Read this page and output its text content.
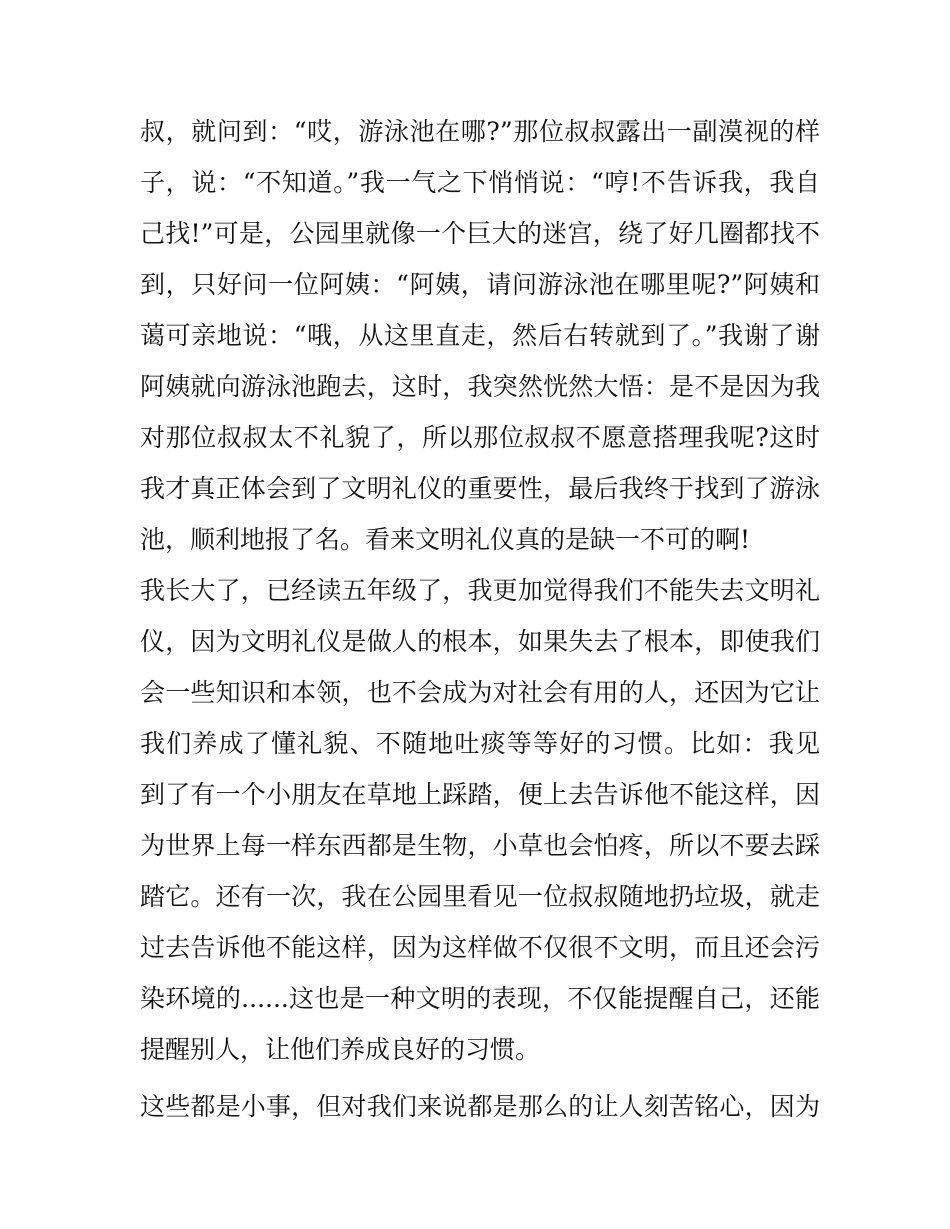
叔，就问到：“哎，游泳池在哪?”那位叔叔露出一副漠视的样
子，说：“不知道。”我一气之下悄悄说：“哼!不告诉我，我自
己找!”可是，公园里就像一个巨大的迷宫，绕了好几圈都找不
到，只好问一位阿姨：“阿姨，请问游泳池在哪里呢?”阿姨和
蔼可亲地说：“哦，从这里直走，然后右转就到了。”我谢了谢
阿姨就向游泳池跑去，这时，我突然恍然大悟：是不是因为我
对那位叔叔太不礼貌了，所以那位叔叔不愿意搭理我呢?这时
我才真正体会到了文明礼仪的重要性，最后我终于找到了游泳
池，顺利地报了名。看来文明礼仪真的是缺一不可的啊!
我长大了，已经读五年级了，我更加觉得我们不能失去文明礼
仪，因为文明礼仪是做人的根本，如果失去了根本，即使我们
会一些知识和本领，也不会成为对社会有用的人，还因为它让
我们养成了懂礼貌、不随地吐痰等等好的习惯。比如：我见
到了有一个小朋友在草地上踩踏，便上去告诉他不能这样，因
为世界上每一样东西都是生物，小草也会怕疼，所以不要去踩
踏它。还有一次，我在公园里看见一位叔叔随地扔垃圾，就走
过去告诉他不能这样，因为这样做不仅很不文明，而且还会污
染环境的......这也是一种文明的表现，不仅能提醒自己，还能
提醒别人，让他们养成良好的习惯。
这些都是小事，但对我们来说都是那么的让人刻苦铭心，因为
